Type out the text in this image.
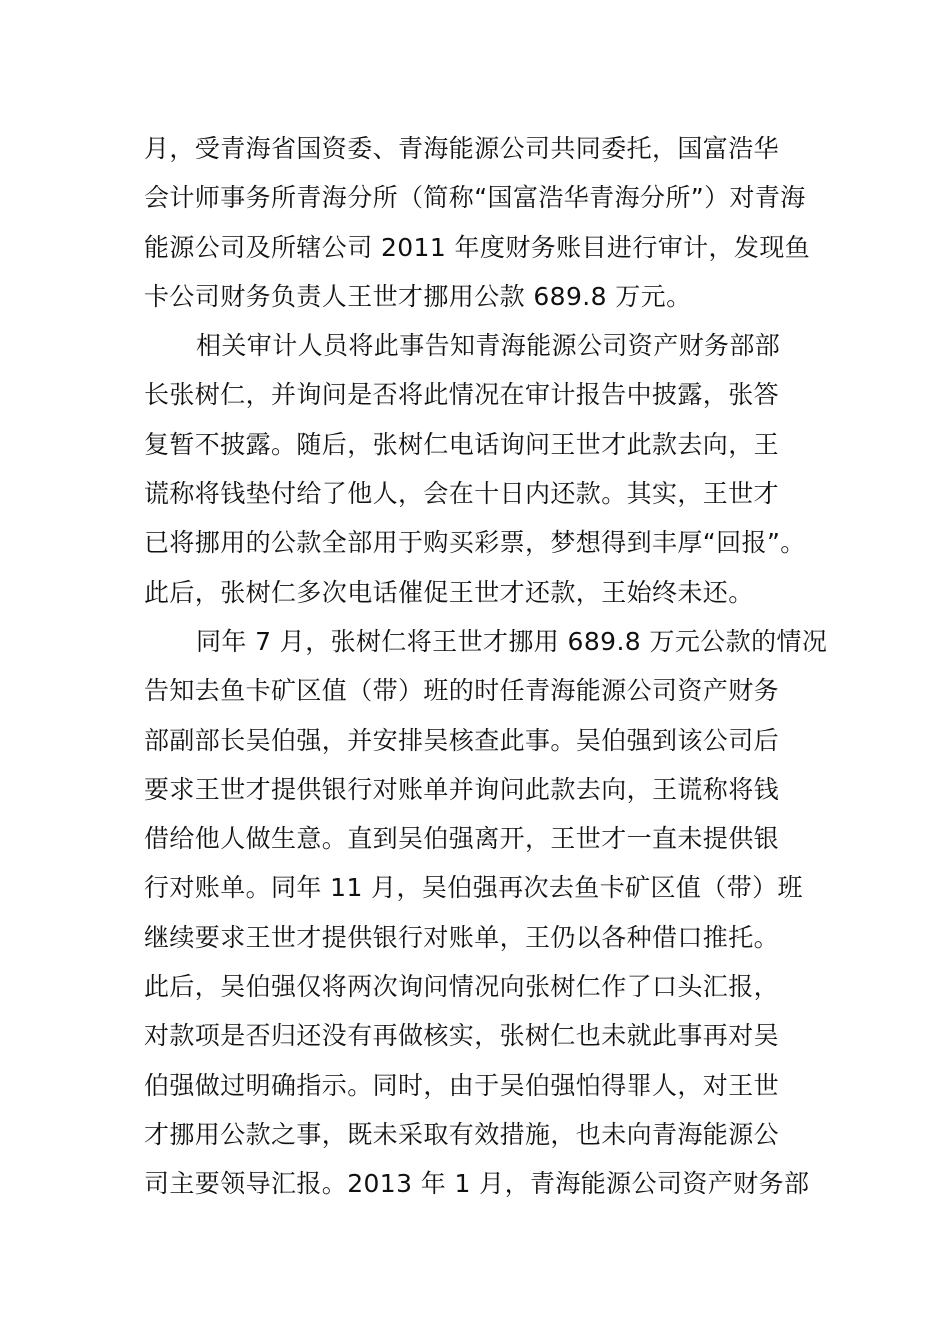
月，受青海省国资委、青海能源公司共同委托，国富浩华
会计师事务所青海分所（简称“国富浩华青海分所”）对青海
能源公司及所辖公司 2011 年度财务账目进行审计，发现鱼
卡公司财务负责人王世才挪用公款 689.8 万元。
相关审计人员将此事告知青海能源公司资产财务部部
长张树仁，并询问是否将此情况在审计报告中披露，张答
复暂不披露。随后，张树仁电话询问王世才此款去向，王
谎称将钱垫付给了他人，会在十日内还款。其实，王世才
已将挪用的公款全部用于购买彩票，梦想得到丰厚“回报”。
此后，张树仁多次电话催促王世才还款，王始终未还。
同年 7 月，张树仁将王世才挪用 689.8 万元公款的情况
告知去鱼卡矿区值（带）班的时任青海能源公司资产财务
部副部长吴伯强，并安排吴核查此事。吴伯强到该公司后
要求王世才提供银行对账单并询问此款去向，王谎称将钱
借给他人做生意。直到吴伯强离开，王世才一直未提供银
行对账单。同年 11 月，吴伯强再次去鱼卡矿区值（带）班
继续要求王世才提供银行对账单，王仍以各种借口推托。
此后，吴伯强仅将两次询问情况向张树仁作了口头汇报，
对款项是否归还没有再做核实，张树仁也未就此事再对吴
伯强做过明确指示。同时，由于吴伯强怕得罪人，对王世
才挪用公款之事，既未采取有效措施，也未向青海能源公
司主要领导汇报。2013 年 1 月，青海能源公司资产财务部
